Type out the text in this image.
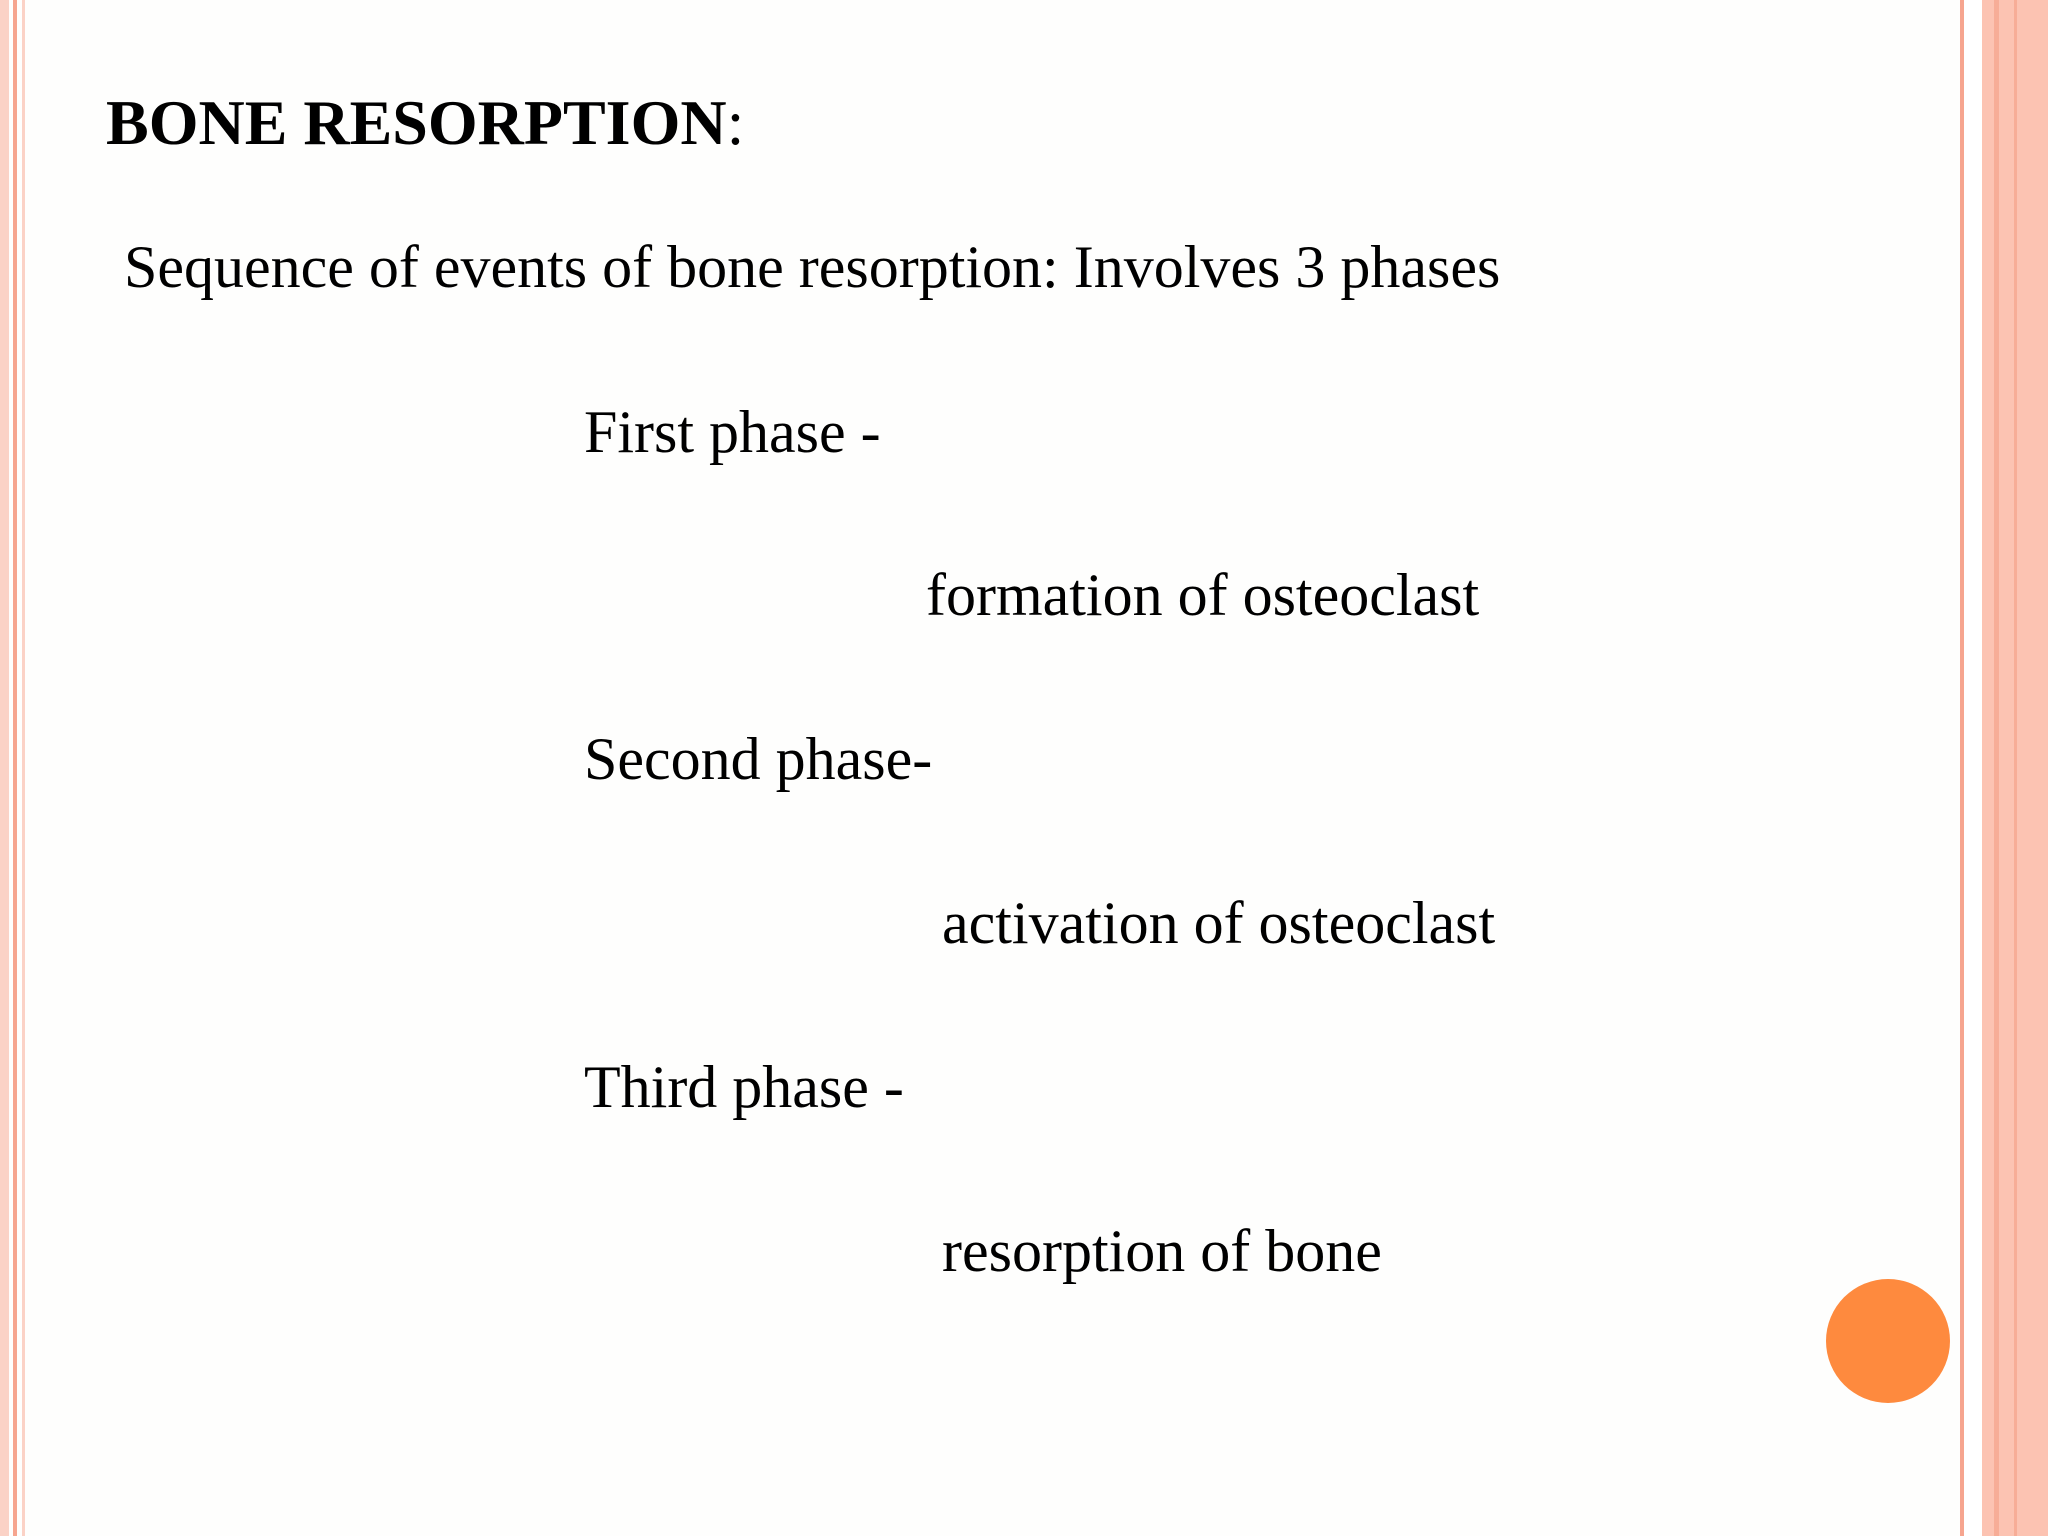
BONE RESORPTION:
Sequence of events of bone resorption: Involves 3 phases
First phase -
formation of osteoclast
Second phase-
activation of osteoclast
Third phase -
resorption of bone
